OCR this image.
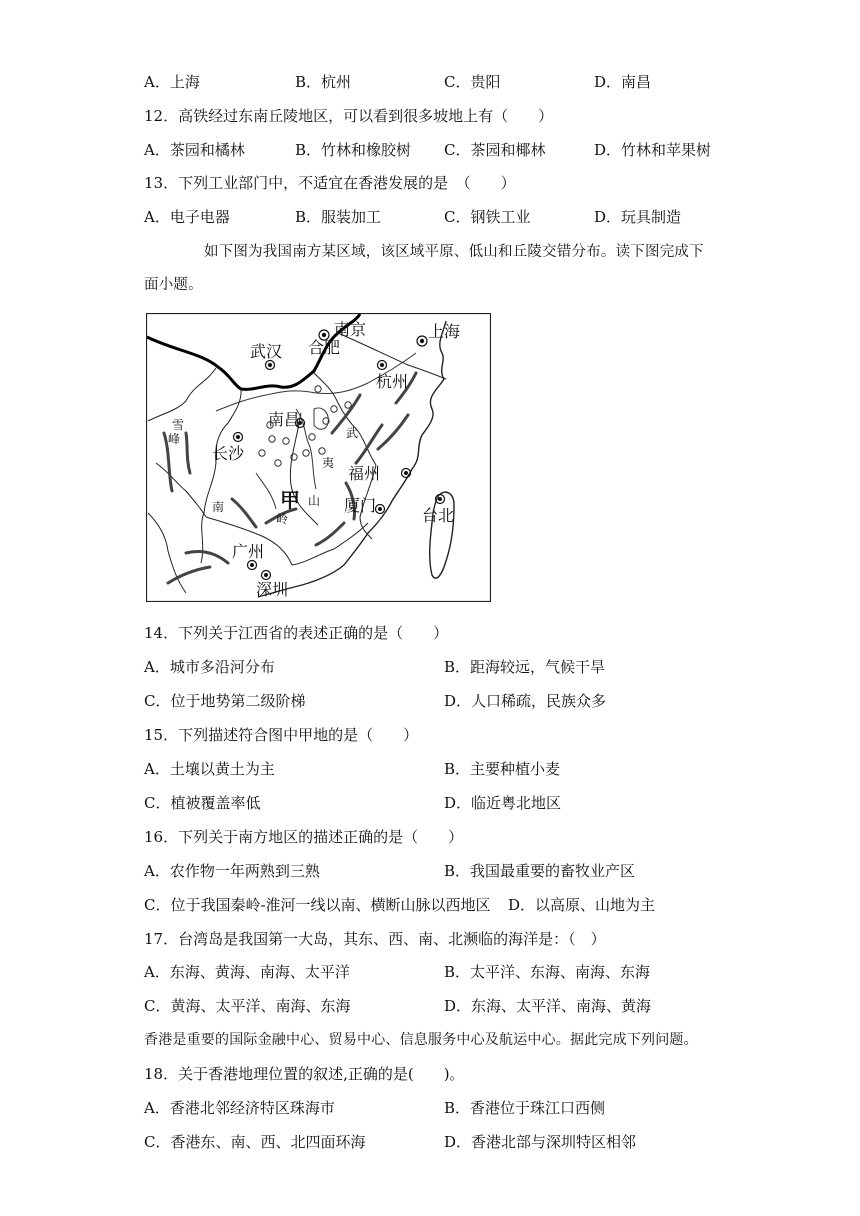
A．上海	B．杭州	C．贵阳	D．南昌
12．高铁经过东南丘陵地区，可以看到很多坡地上有（　　）
A．茶园和橘林	B．竹林和橡胶树 C．茶园和椰林	D．竹林和苹果树
13．下列工业部门中，不适宜在香港发展的是　（　　）
A．电子电器	B．服装加工	C．钢铁工业	D．玩具制造
如下图为我国南方某区域，该区域平原、低山和丘陵交错分布。读下图完成下
面小题。
南京	上海
武汉 合肥
杭州
南昌
长沙
福州
厦门
台北
广州
深圳
雪
峰	武
夷
山
南
岭
甲
14．下列关于江西省的表述正确的是（　　）
A．城市多沿河分布	B．距海较远，气候干旱
C．位于地势第二级阶梯	D．人口稀疏，民族众多
15．下列描述符合图中甲地的是（　　）
A．土壤以黄土为主	B．主要种植小麦
C．植被覆盖率低	D．临近粤北地区
16．下列关于南方地区的描述正确的是（　　）
A．农作物一年两熟到三熟	B．我国最重要的畜牧业产区
C．位于我国秦岭-淮河一线以南、横断山脉以西地区 D．以高原、山地为主
17．台湾岛是我国第一大岛，其东、西、南、北濒临的海洋是：（　）
A．东海、黄海、南海、太平洋	B．太平洋、东海、南海、东海
C．黄海、太平洋、南海、东海	D．东海、太平洋、南海、黄海
香港是重要的国际金融中心、贸易中心、信息服务中心及航运中心。据此完成下列问题。
18．关于香港地理位置的叙述,正确的是(　　)。
A．香港北邻经济特区珠海市	B．香港位于珠江口西侧
C．香港东、南、西、北四面环海	D．香港北部与深圳特区相邻
